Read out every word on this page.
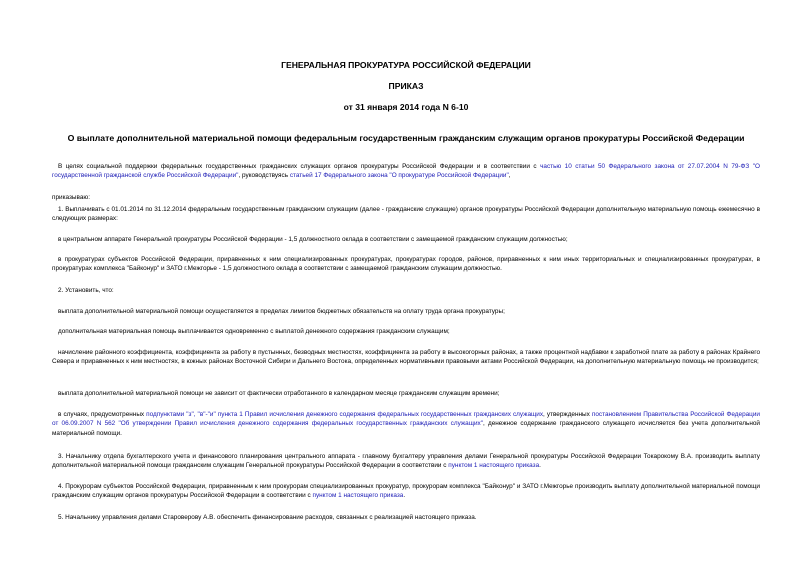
ГЕНЕРАЛЬНАЯ ПРОКУРАТУРА РОССИЙСКОЙ ФЕДЕРАЦИИ
ПРИКАЗ
от 31 января 2014 года N 6-10
О выплате дополнительной материальной помощи федеральным государственным гражданским служащим органов прокуратуры Российской Федерации
В целях социальной поддержки федеральных государственных гражданских служащих органов прокуратуры Российской Федерации и в соответствии с частью 10 статьи 50 Федерального закона от 27.07.2004 N 79-ФЗ "О государственной гражданской службе Российской Федерации", руководствуясь статьей 17 Федерального закона "О прокуратуре Российской Федерации",
приказываю:
1. Выплачивать с 01.01.2014 по 31.12.2014 федеральным государственным гражданским служащим (далее - гражданские служащие) органов прокуратуры Российской Федерации дополнительную материальную помощь ежемесячно в следующих размерах:
в центральном аппарате Генеральной прокуратуры Российской Федерации - 1,5 должностного оклада в соответствии с замещаемой гражданским служащим должностью;
в прокуратурах субъектов Российской Федерации, приравненных к ним специализированных прокуратурах, прокуратурах городов, районов, приравненных к ним иных территориальных и специализированных прокуратурах, в прокуратурах комплекса "Байконур" и ЗАТО г.Межгорье - 1,5 должностного оклада в соответствии с замещаемой гражданским служащим должностью.
2. Установить, что:
выплата дополнительной материальной помощи осуществляется в пределах лимитов бюджетных обязательств на оплату труда органа прокуратуры;
дополнительная материальная помощь выплачивается одновременно с выплатой денежного содержания гражданским служащим;
начисление районного коэффициента, коэффициента за работу в пустынных, безводных местностях, коэффициента за работу в высокогорных районах, а также процентной надбавки к заработной плате за работу в районах Крайнего Севера и приравненных к ним местностях, в южных районах Восточной Сибири и Дальнего Востока, определенных нормативными правовыми актами Российской Федерации, на дополнительную материальную помощь не производится;
выплата дополнительной материальной помощи не зависит от фактически отработанного в календарном месяце гражданским служащим времени;
в случаях, предусмотренных подпунктами "з", "в"-"и" пункта 1 Правил исчисления денежного содержания федеральных государственных гражданских служащих, утвержденных постановлением Правительства Российской Федерации от 06.09.2007 N 562 "Об утверждении Правил исчисления денежного содержания федеральных государственных гражданских служащих", денежное содержание гражданского служащего исчисляется без учета дополнительной материальной помощи.
3. Начальнику отдела бухгалтерского учета и финансового планирования центрального аппарата - главному бухгалтеру управления делами Генеральной прокуратуры Российской Федерации Токарокому В.А. производить выплату дополнительной материальной помощи гражданским служащим Генеральной прокуратуры Российской Федерации в соответствии с пунктом 1 настоящего приказа.
4. Прокурорам субъектов Российской Федерации, приравненным к ним прокурорам специализированных прокуратур, прокурорам комплекса "Байконур" и ЗАТО г.Межгорье производить выплату дополнительной материальной помощи гражданским служащим органов прокуратуры Российской Федерации в соответствии с пунктом 1 настоящего приказа.
5. Начальнику управления делами Староверову А.В. обеспечить финансирование расходов, связанных с реализацией настоящего приказа.
